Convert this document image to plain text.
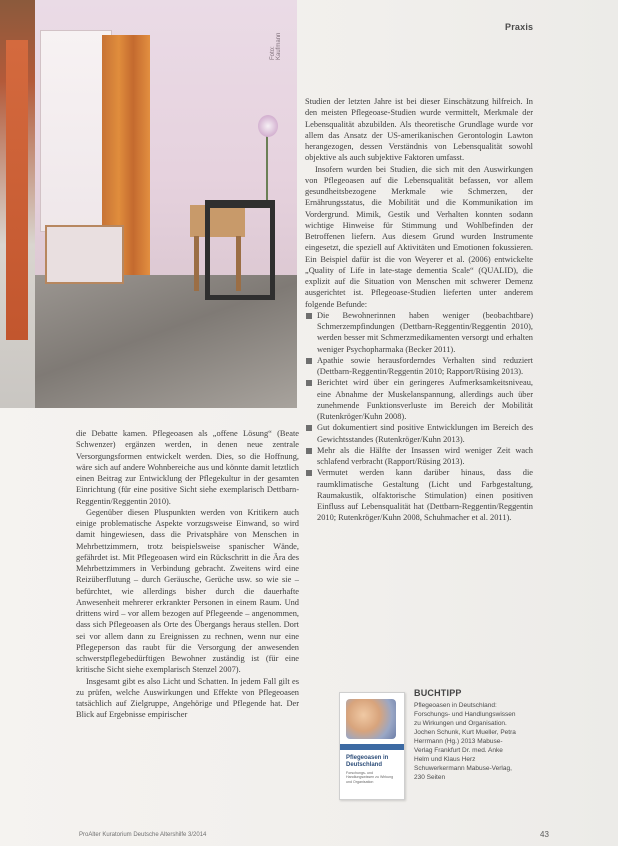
Foto: Kaufmann
Praxis

die Debatte kamen. Pflegeoasen als „offene Lösung“ (Beate Schwenzer) ergänzen werden, in denen neue zentrale Versorgungsformen entwickelt werden. Dies, so die Hoffnung, wäre sich auf andere Wohnbereiche aus und könnte damit letztlich einen Beitrag zur Entwicklung der Pflegekultur in der gesamten Einrichtung (für eine positive Sicht siehe exemplarisch Dettbarn-Reggentin/Reggentin 2010).

Gegenüber diesen Pluspunkten werden von Kritikern auch einige problematische Aspekte vorzugsweise Einwand, so wird damit hingewiesen, dass die Privatsphäre von Menschen in Mehrbettzimmern, trotz beispielsweise spanischer Wände, gefährdet ist. Mit Pflegeoasen wird ein Rückschritt in die Ära des Mehrbettzimmers in Verbindung gebracht. Zweitens wird eine Reizüberflutung – durch Geräusche, Gerüche usw. so wie sie – befürchtet, wie allerdings bisher durch die dauerhafte Anwesenheit mehrerer erkrankter Personen in einem Raum. Und drittens wird – vor allem bezogen auf Pflegeende – angenommen, dass sich Pflegeoasen als Orte des Übergangs heraus stellen. Dort sei vor allem dann zu Ereignissen zu rechnen, wenn nur eine Pflegeperson das raubt für die Versorgung der anwesenden schwerstpflegebedürftigen Bewohner zuständig ist (für eine kritische Sicht siehe exemplarisch Stenzel 2007).

Insgesamt gibt es also Licht und Schatten. In jedem Fall gilt es zu prüfen, welche Auswirkungen und Effekte von Pflegeoasen tatsächlich auf Zielgruppe, Angehörige und Pflegende hat. Der Blick auf Ergebnisse empirischer

Studien der letzten Jahre ist bei dieser Einschätzung hilfreich. In den meisten Pflegeoase-Studien wurde vermittelt, Merkmale der Lebensqualität abzubilden. Als theoretische Grundlage wurde vor allem das Ansatz der US-amerikanischen Gerontologin Lawton herangezogen, dessen Verständnis von Lebensqualität sowohl objektive als auch subjektive Faktoren umfasst.

Insofern wurden bei Studien, die sich mit den Auswirkungen von Pflegeoasen auf die Lebensqualität befassen, vor allem gesundheitsbezogene Merkmale wie Schmerzen, der Ernährungsstatus, die Mobilität und die Kommunikation im Vordergrund. Mimik, Gestik und Verhalten konnten sodann wichtige Hinweise für Stimmung und Wohlbefinden der Betroffenen liefern. Aus diesem Grund wurden Instrumente eingesetzt, die speziell auf Aktivitäten und Emotionen fokussieren. Ein Beispiel dafür ist die von Weyerer et al. (2006) entwickelte „Quality of Life in late-stage dementia Scale“ (QUALID), die explizit auf die Situation von Menschen mit schwerer Demenz ausgerichtet ist. Pflegeoase-Studien lieferten unter anderem folgende Befunde:

Die Bewohnerinnen haben weniger (beobachtbare) Schmerzempfindungen (Dettbarn-Reggentin/Reggentin 2010), werden besser mit Schmerzmedikamenten versorgt und erhalten weniger Psychopharmaka (Becker 2011).
Apathie sowie herausforderndes Verhalten sind reduziert (Dettbarn-Reggentin/Reggentin 2010; Rapport/Rüsing 2013).
Berichtet wird über ein geringeres Aufmerksamkeitsniveau, eine Abnahme der Muskelanspannung, allerdings auch über zunehmende Funktionsverluste im Bereich der Mobilität (Rutenkröger/Kuhn 2008).
Gut dokumentiert sind positive Entwicklungen im Bereich des Gewichtsstandes (Rutenkröger/Kuhn 2013).
Mehr als die Hälfte der Insassen wird weniger Zeit wach schlafend verbracht (Rapport/Rüsing 2013).
Vermutet werden kann darüber hinaus, dass die raumklimatische Gestaltung (Licht und Farbgestaltung, Raumakustik, olfaktorische Stimulation) einen positiven Einfluss auf Lebensqualität hat (Dettbarn-Reggentin/Reggentin 2010; Rutenkröger/Kuhn 2008, Schuhmacher et al. 2011).
Pflegeoasen in Deutschland
Forschungs- und Handlungswissen zu Wirkung und Organisation
BUCHTIPP
Pflegeoasen in Deutschland: Forschungs- und Handlungswissen zu Wirkungen und Organisation. Jochen Schunk, Kurt Mueller, Petra Herrmann (Hg.) 2013 Mabuse-Verlag Frankfurt Dr. med. Anke Helm und Klaus Herz Schuwerkermann Mabuse-Verlag, 230 Seiten
ProAlter Kuratorium Deutsche Altershilfe 3/2014	43
